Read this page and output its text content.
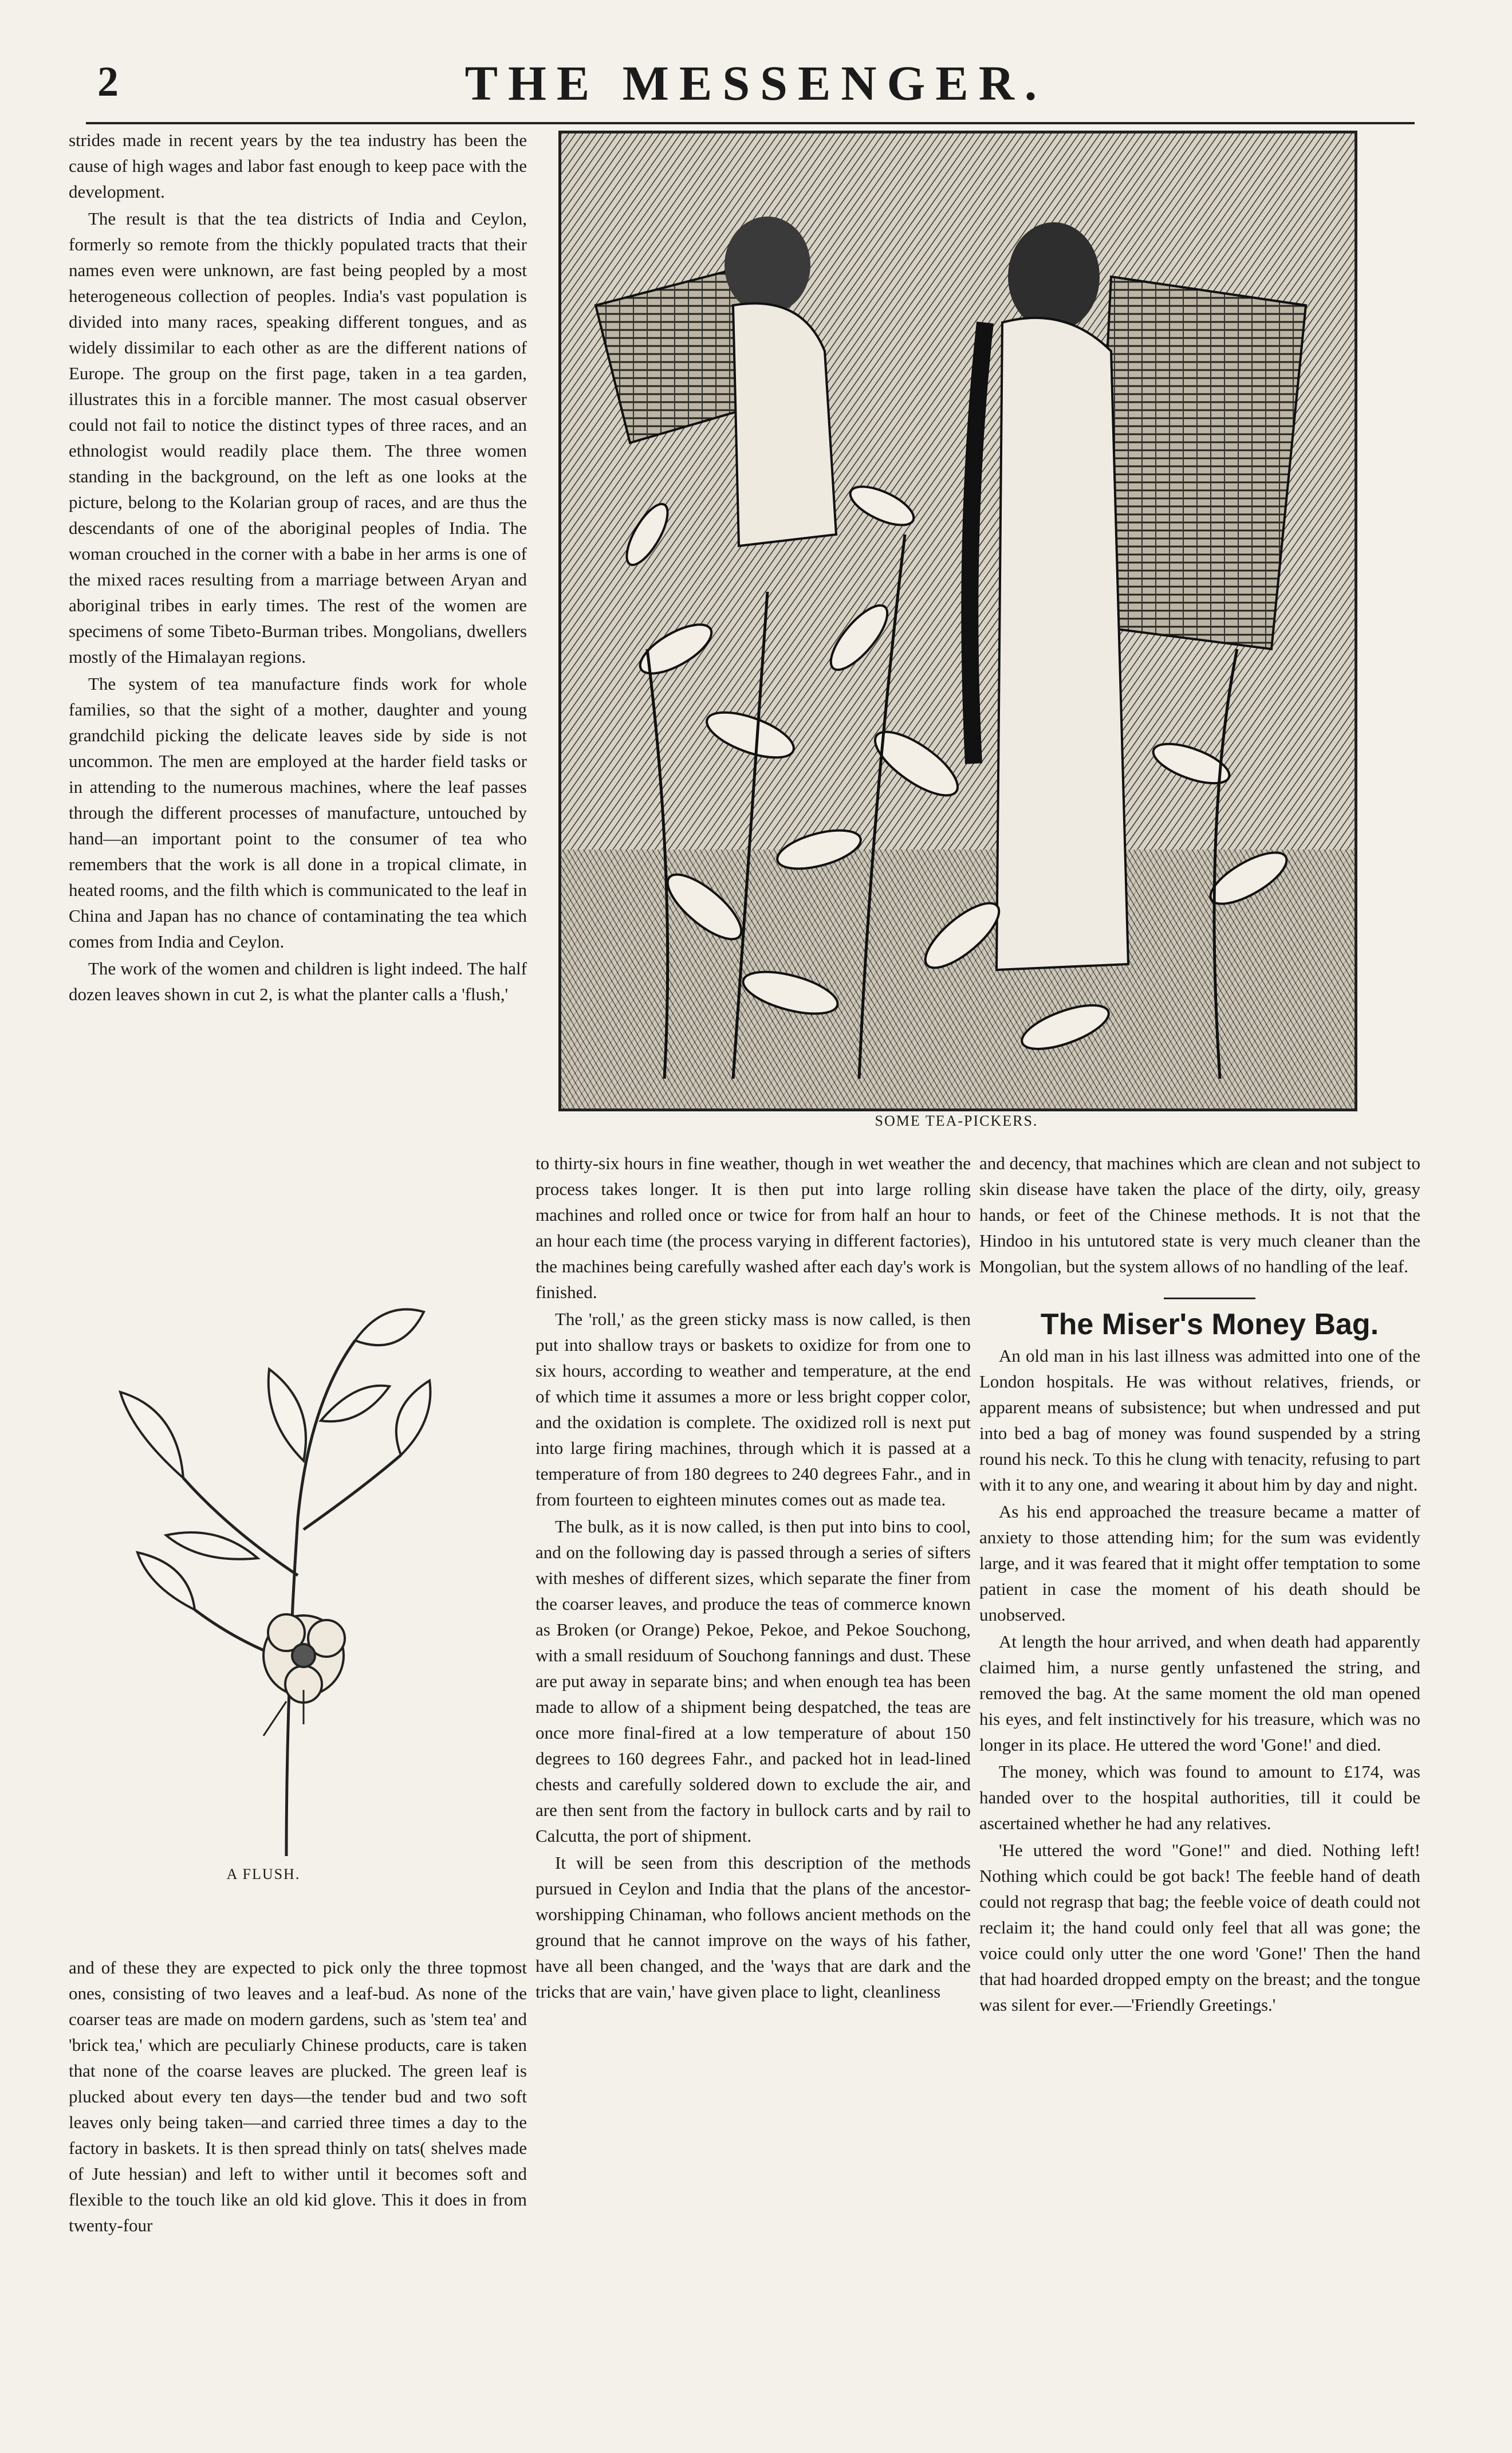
2	THE MESSENGER.
SOME TEA-PICKERS.
A FLUSH.

strides made in recent years by the tea industry has been the cause of high wages and labor fast enough to keep pace with the development.

The result is that the tea districts of India and Ceylon, formerly so remote from the thickly populated tracts that their names even were unknown, are fast being peopled by a most heterogeneous collection of peoples. India's vast population is divided into many races, speaking different tongues, and as widely dissimilar to each other as are the different nations of Europe. The group on the first page, taken in a tea garden, illustrates this in a forcible manner. The most casual observer could not fail to notice the distinct types of three races, and an ethnologist would readily place them. The three women standing in the background, on the left as one looks at the picture, belong to the Kolarian group of races, and are thus the descendants of one of the aboriginal peoples of India. The woman crouched in the corner with a babe in her arms is one of the mixed races resulting from a marriage between Aryan and aboriginal tribes in early times. The rest of the women are specimens of some Tibeto-Burman tribes. Mongolians, dwellers mostly of the Himalayan regions.

The system of tea manufacture finds work for whole families, so that the sight of a mother, daughter and young grandchild picking the delicate leaves side by side is not uncommon. The men are employed at the harder field tasks or in attending to the numerous machines, where the leaf passes through the different processes of manufacture, untouched by hand—an important point to the consumer of tea who remembers that the work is all done in a tropical climate, in heated rooms, and the filth which is communicated to the leaf in China and Japan has no chance of contaminating the tea which comes from India and Ceylon.

The work of the women and children is light indeed. The half dozen leaves shown in cut 2, is what the planter calls a 'flush,'

and of these they are expected to pick only the three topmost ones, consisting of two leaves and a leaf-bud. As none of the coarser teas are made on modern gardens, such as 'stem tea' and 'brick tea,' which are peculiarly Chinese products, care is taken that none of the coarse leaves are plucked. The green leaf is plucked about every ten days—the tender bud and two soft leaves only being taken—and carried three times a day to the factory in baskets. It is then spread thinly on tats( shelves made of Jute hessian) and left to wither until it becomes soft and flexible to the touch like an old kid glove. This it does in from twenty-four

to thirty-six hours in fine weather, though in wet weather the process takes longer. It is then put into large rolling machines and rolled once or twice for from half an hour to an hour each time (the process varying in different factories), the machines being carefully washed after each day's work is finished.

The 'roll,' as the green sticky mass is now called, is then put into shallow trays or baskets to oxidize for from one to six hours, according to weather and temperature, at the end of which time it assumes a more or less bright copper color, and the oxidation is complete. The oxidized roll is next put into large firing machines, through which it is passed at a temperature of from 180 degrees to 240 degrees Fahr., and in from fourteen to eighteen minutes comes out as made tea.

The bulk, as it is now called, is then put into bins to cool, and on the following day is passed through a series of sifters with meshes of different sizes, which separate the finer from the coarser leaves, and produce the teas of commerce known as Broken (or Orange) Pekoe, Pekoe, and Pekoe Souchong, with a small residuum of Souchong fannings and dust. These are put away in separate bins; and when enough tea has been made to allow of a shipment being despatched, the teas are once more final-fired at a low temperature of about 150 degrees to 160 degrees Fahr., and packed hot in lead-lined chests and carefully soldered down to exclude the air, and are then sent from the factory in bullock carts and by rail to Calcutta, the port of shipment.

It will be seen from this description of the methods pursued in Ceylon and India that the plans of the ancestor-worshipping Chinaman, who follows ancient methods on the ground that he cannot improve on the ways of his father, have all been changed, and the 'ways that are dark and the tricks that are vain,' have given place to light, cleanliness

and decency, that machines which are clean and not subject to skin disease have taken the place of the dirty, oily, greasy hands, or feet of the Chinese methods. It is not that the Hindoo in his untutored state is very much cleaner than the Mongolian, but the system allows of no handling of the leaf.

The Miser's Money Bag.

An old man in his last illness was admitted into one of the London hospitals. He was without relatives, friends, or apparent means of subsistence; but when undressed and put into bed a bag of money was found suspended by a string round his neck. To this he clung with tenacity, refusing to part with it to any one, and wearing it about him by day and night.

As his end approached the treasure became a matter of anxiety to those attending him; for the sum was evidently large, and it was feared that it might offer temptation to some patient in case the moment of his death should be unobserved.

At length the hour arrived, and when death had apparently claimed him, a nurse gently unfastened the string, and removed the bag. At the same moment the old man opened his eyes, and felt instinctively for his treasure, which was no longer in its place. He uttered the word 'Gone!' and died.

The money, which was found to amount to £174, was handed over to the hospital authorities, till it could be ascertained whether he had any relatives.

'He uttered the word "Gone!" and died. Nothing left! Nothing which could be got back! The feeble hand of death could not regrasp that bag; the feeble voice of death could not reclaim it; the hand could only feel that all was gone; the voice could only utter the one word 'Gone!' Then the hand that had hoarded dropped empty on the breast; and the tongue was silent for ever.—'Friendly Greetings.'
